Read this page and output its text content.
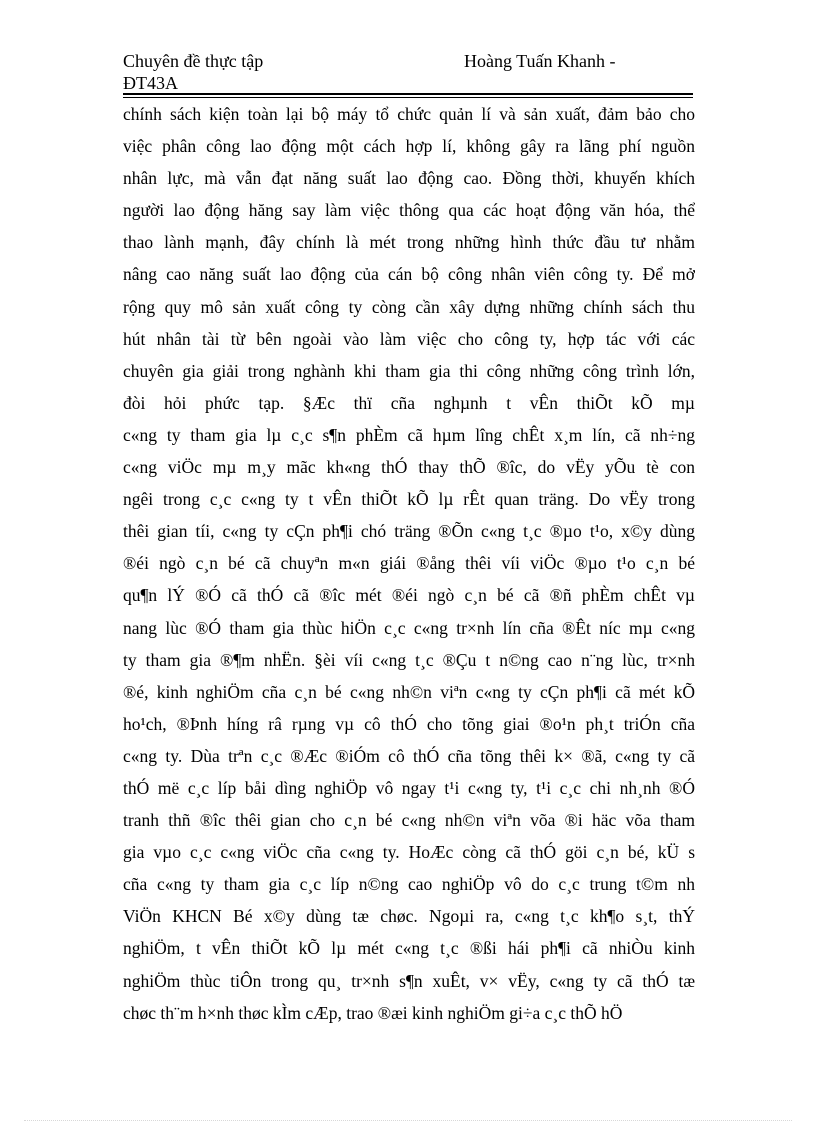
Chuyên đề thực tập
ĐT43A
Hoàng Tuấn Khanh -
chính sách kiện toàn lại bộ máy tổ chức quản lí và sản xuất, đảm bảo cho
việc phân công lao động một cách hợp lí, không gây ra lãng phí nguồn
nhân lực, mà vẫn đạt năng suất lao động cao. Đồng thời, khuyến khích
người lao động hăng say làm việc thông qua các hoạt động văn hóa, thể
thao lành mạnh, đây chính là mét trong những hình thức đầu tư nhằm
nâng cao năng suất lao động của cán bộ công nhân viên công ty. Để mở
rộng quy mô sản xuất công ty còng cần xây dựng những chính sách thu
hút nhân tài từ bên ngoài vào làm việc cho công ty, hợp tác với các
chuyên gia giải trong nghành khi tham gia thi công những công trình lớn,
đòi hỏi phức tạp. §Æc thï cña nghµnh t vÊn thiÕt kÕ mµ
c«ng ty tham gia lµ c¸c s¶n phÈm cã hµm lîng chÊt x¸m lín, cã nh÷ng
c«ng viÖc mµ m¸y mãc kh«ng thÓ thay thÕ ®îc, do vËy yÕu tè con
ngêi trong c¸c c«ng ty t vÊn thiÕt kÕ lµ rÊt quan träng. Do vËy trong
thêi gian tíi, c«ng ty cÇn ph¶i chó träng ®Õn c«ng t¸c ®µo t¹o, x©y dùng
®éi ngò c¸n bé cã chuyªn m«n giái ®ång thêi víi viÖc ®µo t¹o c¸n bé
qu¶n lÝ ®Ó cã thÓ cã ®îc mét ®éi ngò c¸n bé cã ®ñ phÈm chÊt vµ
nang lùc ®Ó tham gia thùc hiÖn c¸c c«ng tr×nh lín cña ®Êt níc mµ c«ng
ty tham gia ®¶m nhËn. §èi víi c«ng t¸c ®Çu t n©ng cao n¨ng lùc, tr×nh
®é, kinh nghiÖm cña c¸n bé c«ng nh©n viªn c«ng ty cÇn ph¶i cã mét kÕ
ho¹ch, ®Þnh híng râ rµng vµ cô thÓ cho tõng giai ®o¹n ph¸t triÓn cña
c«ng ty. Dùa trªn c¸c ®Æc ®iÓm cô thÓ cña tõng thêi k× ®ã, c«ng ty cã
thÓ më c¸c líp båi dìng nghiÖp vô ngay t¹i c«ng ty, t¹i c¸c chi nh¸nh ®Ó
tranh thñ ®îc thêi gian cho c¸n bé c«ng nh©n viªn võa ®i häc võa tham
gia vµo c¸c c«ng viÖc cña c«ng ty. HoÆc còng cã thÓ göi c¸n bé, kÜ s
cña c«ng ty tham gia c¸c líp n©ng cao nghiÖp vô do c¸c trung t©m nh
ViÖn KHCN Bé x©y dùng tæ chøc. Ngoµi ra, c«ng t¸c kh¶o s¸t, thÝ
nghiÖm, t vÊn thiÕt kÕ lµ mét c«ng t¸c ®ßi hái ph¶i cã nhiÒu kinh
nghiÖm thùc tiÔn trong qu¸ tr×nh s¶n xuÊt, v× vËy, c«ng ty cã thÓ tæ
chøc th¨m h×nh thøc kÌm cÆp, trao ®æi kinh nghiÖm gi÷a c¸c thÕ hÖ
